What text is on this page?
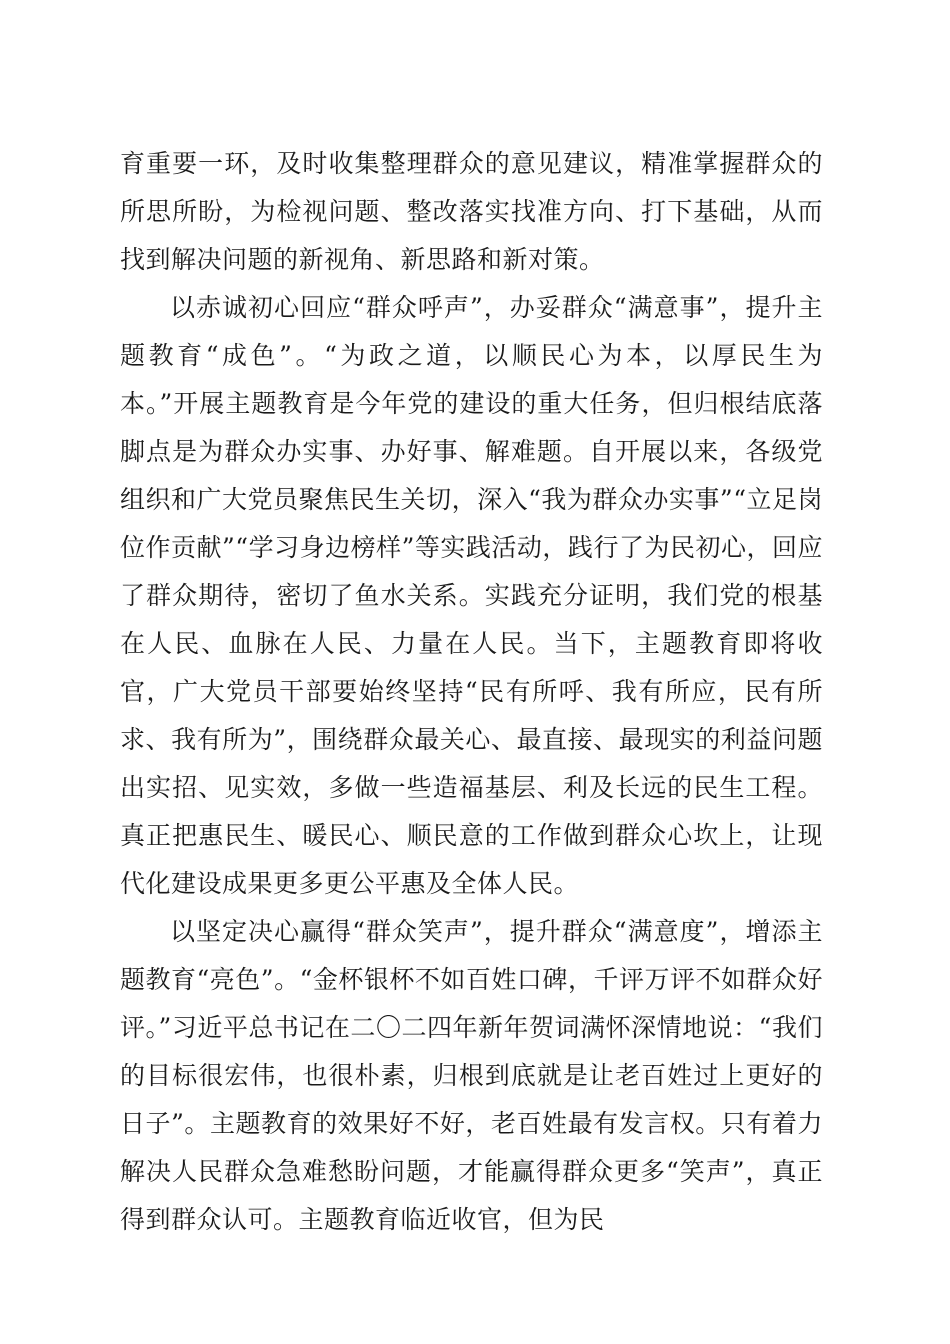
育重要一环，及时收集整理群众的意见建议，精准掌握群众的所思所盼，为检视问题、整改落实找准方向、打下基础，从而找到解决问题的新视角、新思路和新对策。

以赤诚初心回应“群众呼声”，办妥群众“满意事”，提升主题教育“成色”。“为政之道，以顺民心为本，以厚民生为本。”开展主题教育是今年党的建设的重大任务，但归根结底落脚点是为群众办实事、办好事、解难题。自开展以来，各级党组织和广大党员聚焦民生关切，深入“我为群众办实事”“立足岗位作贡献”“学习身边榜样”等实践活动，践行了为民初心，回应了群众期待，密切了鱼水关系。实践充分证明，我们党的根基在人民、血脉在人民、力量在人民。当下，主题教育即将收官，广大党员干部要始终坚持“民有所呼、我有所应，民有所求、我有所为”，围绕群众最关心、最直接、最现实的利益问题出实招、见实效，多做一些造福基层、利及长远的民生工程。真正把惠民生、暖民心、顺民意的工作做到群众心坎上，让现代化建设成果更多更公平惠及全体人民。

以坚定决心赢得“群众笑声”，提升群众“满意度”，增添主题教育“亮色”。“金杯银杯不如百姓口碑，千评万评不如群众好评。”习近平总书记在二〇二四年新年贺词满怀深情地说：“我们的目标很宏伟，也很朴素，归根到底就是让老百姓过上更好的日子”。主题教育的效果好不好，老百姓最有发言权。只有着力解决人民群众急难愁盼问题，才能赢得群众更多“笑声”，真正得到群众认可。主题教育临近收官，但为民
